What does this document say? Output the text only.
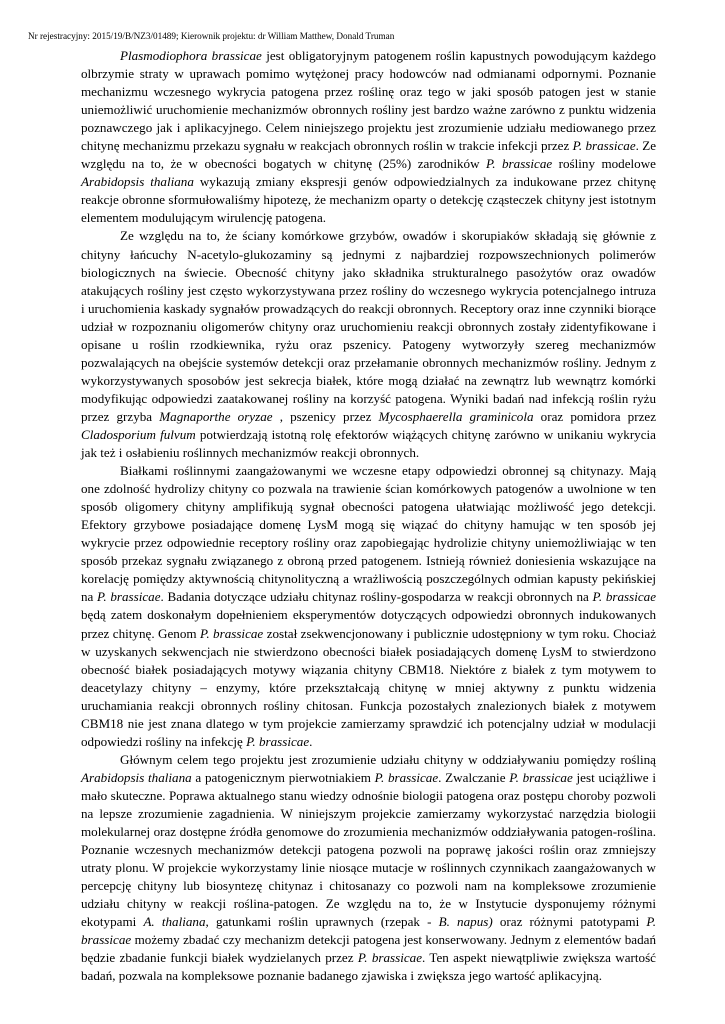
Nr rejestracyjny: 2015/19/B/NZ3/01489; Kierownik projektu: dr William Matthew, Donald Truman

Plasmodiophora brassicae jest obligatoryjnym patogenem roślin kapustnych powodującym każdego olbrzymie straty w uprawach pomimo wytężonej pracy hodowców nad odmianami odpornymi. Poznanie mechanizmu wczesnego wykrycia patogena przez roślinę oraz tego w jaki sposób patogen jest w stanie uniemożliwić uruchomienie mechanizmów obronnych rośliny jest bardzo ważne zarówno z punktu widzenia poznawczego jak i aplikacyjnego. Celem niniejszego projektu jest zrozumienie udziału mediowanego przez chitynę mechanizmu przekazu sygnału w reakcjach obronnych roślin w trakcie infekcji przez P. brassicae. Ze względu na to, że w obecności bogatych w chitynę (25%) zarodników P. brassicae rośliny modelowe Arabidopsis thaliana wykazują zmiany ekspresji genów odpowiedzialnych za indukowane przez chitynę reakcje obronne sformułowaliśmy hipotezę, że mechanizm oparty o detekcję cząsteczek chityny jest istotnym elementem modulującym wirulencję patogena.

Ze względu na to, że ściany komórkowe grzybów, owadów i skorupiaków składają się głównie z chityny łańcuchy N-acetylo-glukozaminy są jednymi z najbardziej rozpowszechnionych polimerów biologicznych na świecie. Obecność chityny jako składnika strukturalnego pasożytów oraz owadów atakujących rośliny jest często wykorzystywana przez rośliny do wczesnego wykrycia potencjalnego intruza i uruchomienia kaskady sygnałów prowadzących do reakcji obronnych. Receptory oraz inne czynniki biorące udział w rozpoznaniu oligomerów chityny oraz uruchomieniu reakcji obronnych zostały zidentyfikowane i opisane u roślin rzodkiewnika, ryżu oraz pszenicy. Patogeny wytworzyły szereg mechanizmów pozwalających na obejście systemów detekcji oraz przełamanie obronnych mechanizmów rośliny. Jednym z wykorzystywanych sposobów jest sekrecja białek, które mogą działać na zewnątrz lub wewnątrz komórki modyfikując odpowiedzi zaatakowanej rośliny na korzyść patogena. Wyniki badań nad infekcją roślin ryżu przez grzyba Magnaporthe oryzae , pszenicy przez Mycosphaerella graminicola oraz pomidora przez Cladosporium fulvum potwierdzają istotną rolę efektorów wiążących chitynę zarówno w unikaniu wykrycia jak też i osłabieniu roślinnych mechanizmów reakcji obronnych.

Białkami roślinnymi zaangażowanymi we wczesne etapy odpowiedzi obronnej są chitynazy. Mają one zdolność hydrolizy chityny co pozwala na trawienie ścian komórkowych patogenów a uwolnione w ten sposób oligomery chityny amplifikują sygnał obecności patogena ułatwiając możliwość jego detekcji. Efektory grzybowe posiadające domenę LysM mogą się wiązać do chityny hamując w ten sposób jej wykrycie przez odpowiednie receptory rośliny oraz zapobiegając hydrolizie chityny uniemożliwiając w ten sposób przekaz sygnału związanego z obroną przed patogenem. Istnieją również doniesienia wskazujące na korelację pomiędzy aktywnością chitynolityczną a wrażliwością poszczególnych odmian kapusty pekińskiej na P. brassicae. Badania dotyczące udziału chitynaz rośliny-gospodarza w reakcji obronnych na P. brassicae będą zatem doskonałym dopełnieniem eksperymentów dotyczących odpowiedzi obronnych indukowanych przez chitynę. Genom P. brassicae został zsekwencjonowany i publicznie udostępniony w tym roku. Chociaż w uzyskanych sekwencjach nie stwierdzono obecności białek posiadających domenę LysM to stwierdzono obecność białek posiadających motywy wiązania chityny CBM18. Niektóre z białek z tym motywem to deacetylazy chityny – enzymy, które przekształcają chitynę w mniej aktywny z punktu widzenia uruchamiania reakcji obronnych rośliny chitosan. Funkcja pozostałych znalezionych białek z motywem CBM18 nie jest znana dlatego w tym projekcie zamierzamy sprawdzić ich potencjalny udział w modulacji odpowiedzi rośliny na infekcję P. brassicae.

Głównym celem tego projektu jest zrozumienie udziału chityny w oddziaływaniu pomiędzy rośliną Arabidopsis thaliana a patogenicznym pierwotniakiem P. brassicae. Zwalczanie P. brassicae jest uciążliwe i mało skuteczne. Poprawa aktualnego stanu wiedzy odnośnie biologii patogena oraz postępu choroby pozwoli na lepsze zrozumienie zagadnienia. W niniejszym projekcie zamierzamy wykorzystać narzędzia biologii molekularnej oraz dostępne źródła genomowe do zrozumienia mechanizmów oddziaływania patogen-roślina. Poznanie wczesnych mechanizmów detekcji patogena pozwoli na poprawę jakości roślin oraz zmniejszy utraty plonu. W projekcie wykorzystamy linie niosące mutacje w roślinnych czynnikach zaangażowanych w percepcję chityny lub biosyntezę chitynaz i chitosanazy co pozwoli nam na kompleksowe zrozumienie udziału chityny w reakcji roślina-patogen. Ze względu na to, że w Instytucie dysponujemy różnymi ekotypami A. thaliana, gatunkami roślin uprawnych (rzepak - B. napus) oraz różnymi patotypami P. brassicae możemy zbadać czy mechanizm detekcji patogena jest konserwowany. Jednym z elementów badań będzie zbadanie funkcji białek wydzielanych przez P. brassicae. Ten aspekt niewątpliwie zwiększa wartość badań, pozwala na kompleksowe poznanie badanego zjawiska i zwiększa jego wartość aplikacyjną.
